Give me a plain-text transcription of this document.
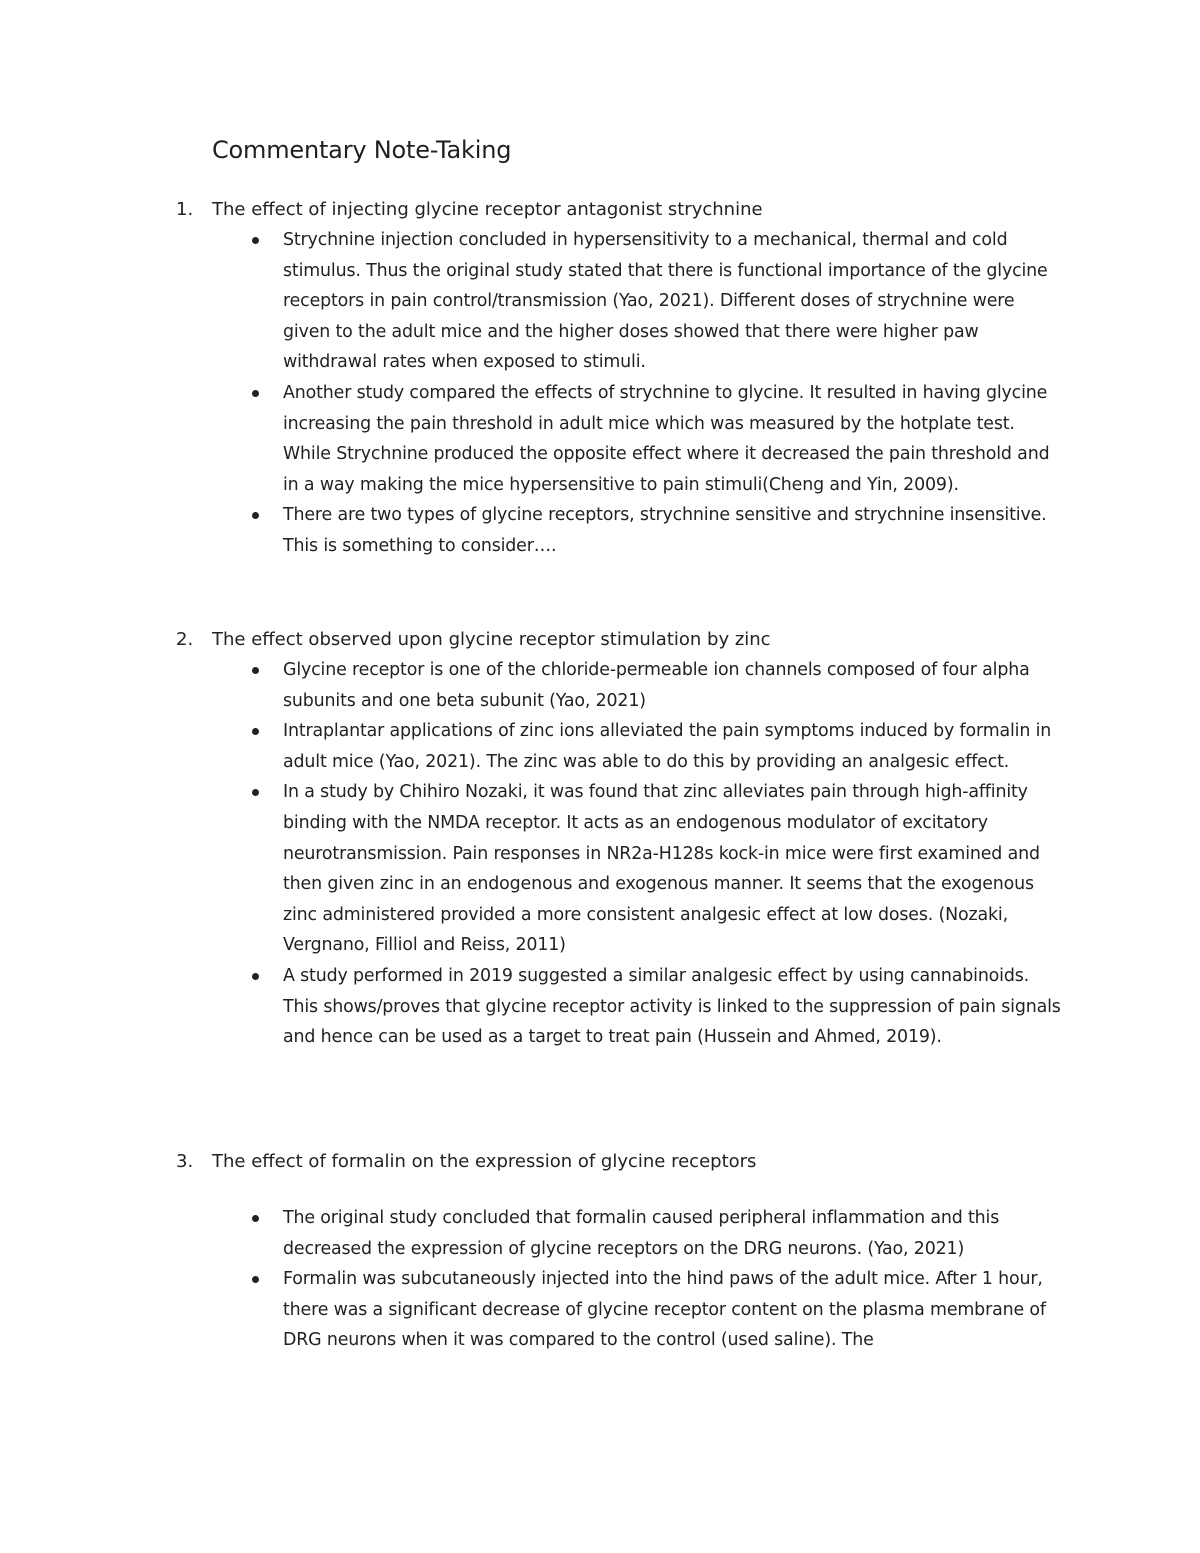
Commentary Note-Taking
1. The effect of injecting glycine receptor antagonist strychnine
Strychnine injection concluded in hypersensitivity to a mechanical, thermal and cold stimulus. Thus the original study stated that there is functional importance of the glycine receptors in pain control/transmission (Yao, 2021). Different doses of strychnine were given to the adult mice and the higher doses showed that there were higher paw withdrawal rates when exposed to stimuli.
Another study compared the effects of strychnine to glycine. It resulted in having glycine increasing the pain threshold in adult mice which was measured by the hotplate test. While Strychnine produced the opposite effect where it decreased the pain threshold and in a way making the mice hypersensitive to pain stimuli(Cheng and Yin, 2009).
There are two types of glycine receptors, strychnine sensitive and strychnine insensitive. This is something to consider….
2. The effect observed upon glycine receptor stimulation by zinc
Glycine receptor is one of the chloride-permeable ion channels composed of four alpha subunits and one beta subunit (Yao, 2021)
Intraplantar applications of zinc ions alleviated the pain symptoms induced by formalin in adult mice (Yao, 2021). The zinc was able to do this by providing an analgesic effect.
In a study by Chihiro Nozaki, it was found that zinc alleviates pain through high-affinity binding with the NMDA receptor. It acts as an endogenous modulator of excitatory neurotransmission. Pain responses in NR2a-H128s kock-in mice were first examined and then given zinc in an endogenous and exogenous manner. It seems that the exogenous zinc administered provided a more consistent analgesic effect at low doses. (Nozaki, Vergnano, Filliol and Reiss, 2011)
A study performed in 2019 suggested a similar analgesic effect by using cannabinoids. This shows/proves that glycine receptor activity is linked to the suppression of pain signals and hence can be used as a target to treat pain (Hussein and Ahmed, 2019).
3. The effect of formalin on the expression of glycine receptors
The original study concluded that formalin caused peripheral inflammation and this decreased the expression of glycine receptors on the DRG neurons. (Yao, 2021)
Formalin was subcutaneously injected into the hind paws of the adult mice. After 1 hour, there was a significant decrease of glycine receptor content on the plasma membrane of DRG neurons when it was compared to the control (used saline). The
